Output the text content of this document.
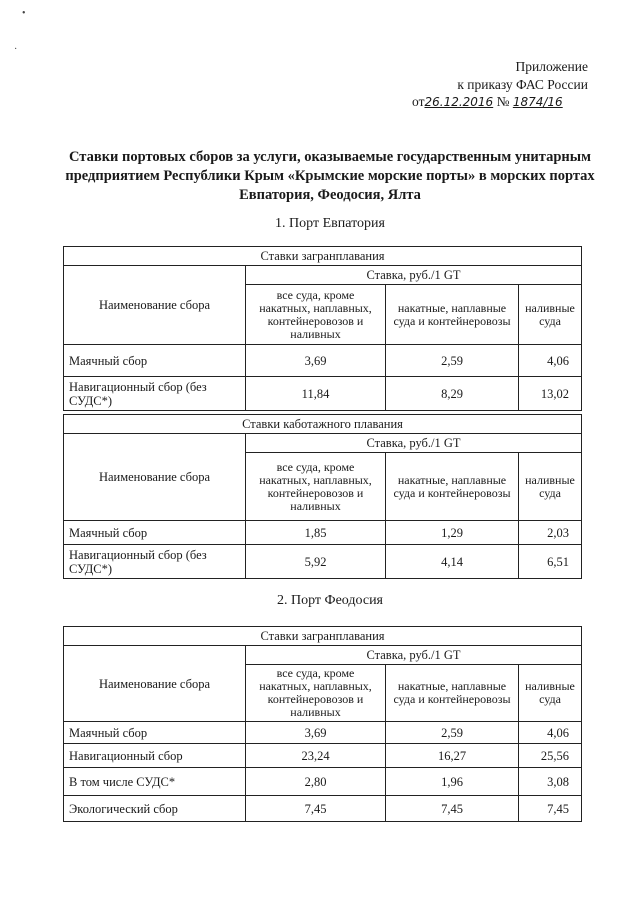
•
·
Приложение
к приказу ФАС России
от26.12.2016 № 1874/16
Ставки портовых сборов за услуги, оказываемые государственным унитарным предприятием Республики Крым «Крымские морские порты» в морских портах Евпатория, Феодосия, Ялта
1. Порт Евпатория
Ставки загранплавания			
Наименование сбора	Ставка, руб./1 GT		
	все суда, кроме накатных, наплавных, контейнеровозов и наливных	накатные, наплавные суда и контейнеровозы	наливные суда
Маячный сбор	3,69	2,59	4,06
Навигационный сбор (без СУДС*)	11,84	8,29	13,02
Ставки каботажного плавания			
Наименование сбора	Ставка, руб./1 GT		
	все суда, кроме накатных, наплавных, контейнеровозов и наливных	накатные, наплавные суда и контейнеровозы	наливные суда
Маячный сбор	1,85	1,29	2,03
Навигационный сбор (без СУДС*)	5,92	4,14	6,51
2. Порт Феодосия
Ставки загранплавания			
Наименование сбора	Ставка, руб./1 GT		
	все суда, кроме накатных, наплавных, контейнеровозов и наливных	накатные, наплавные суда и контейнеровозы	наливные суда
Маячный сбор	3,69	2,59	4,06
Навигационный сбор	23,24	16,27	25,56
В том числе СУДС*	2,80	1,96	3,08
Экологический сбор	7,45	7,45	7,45
